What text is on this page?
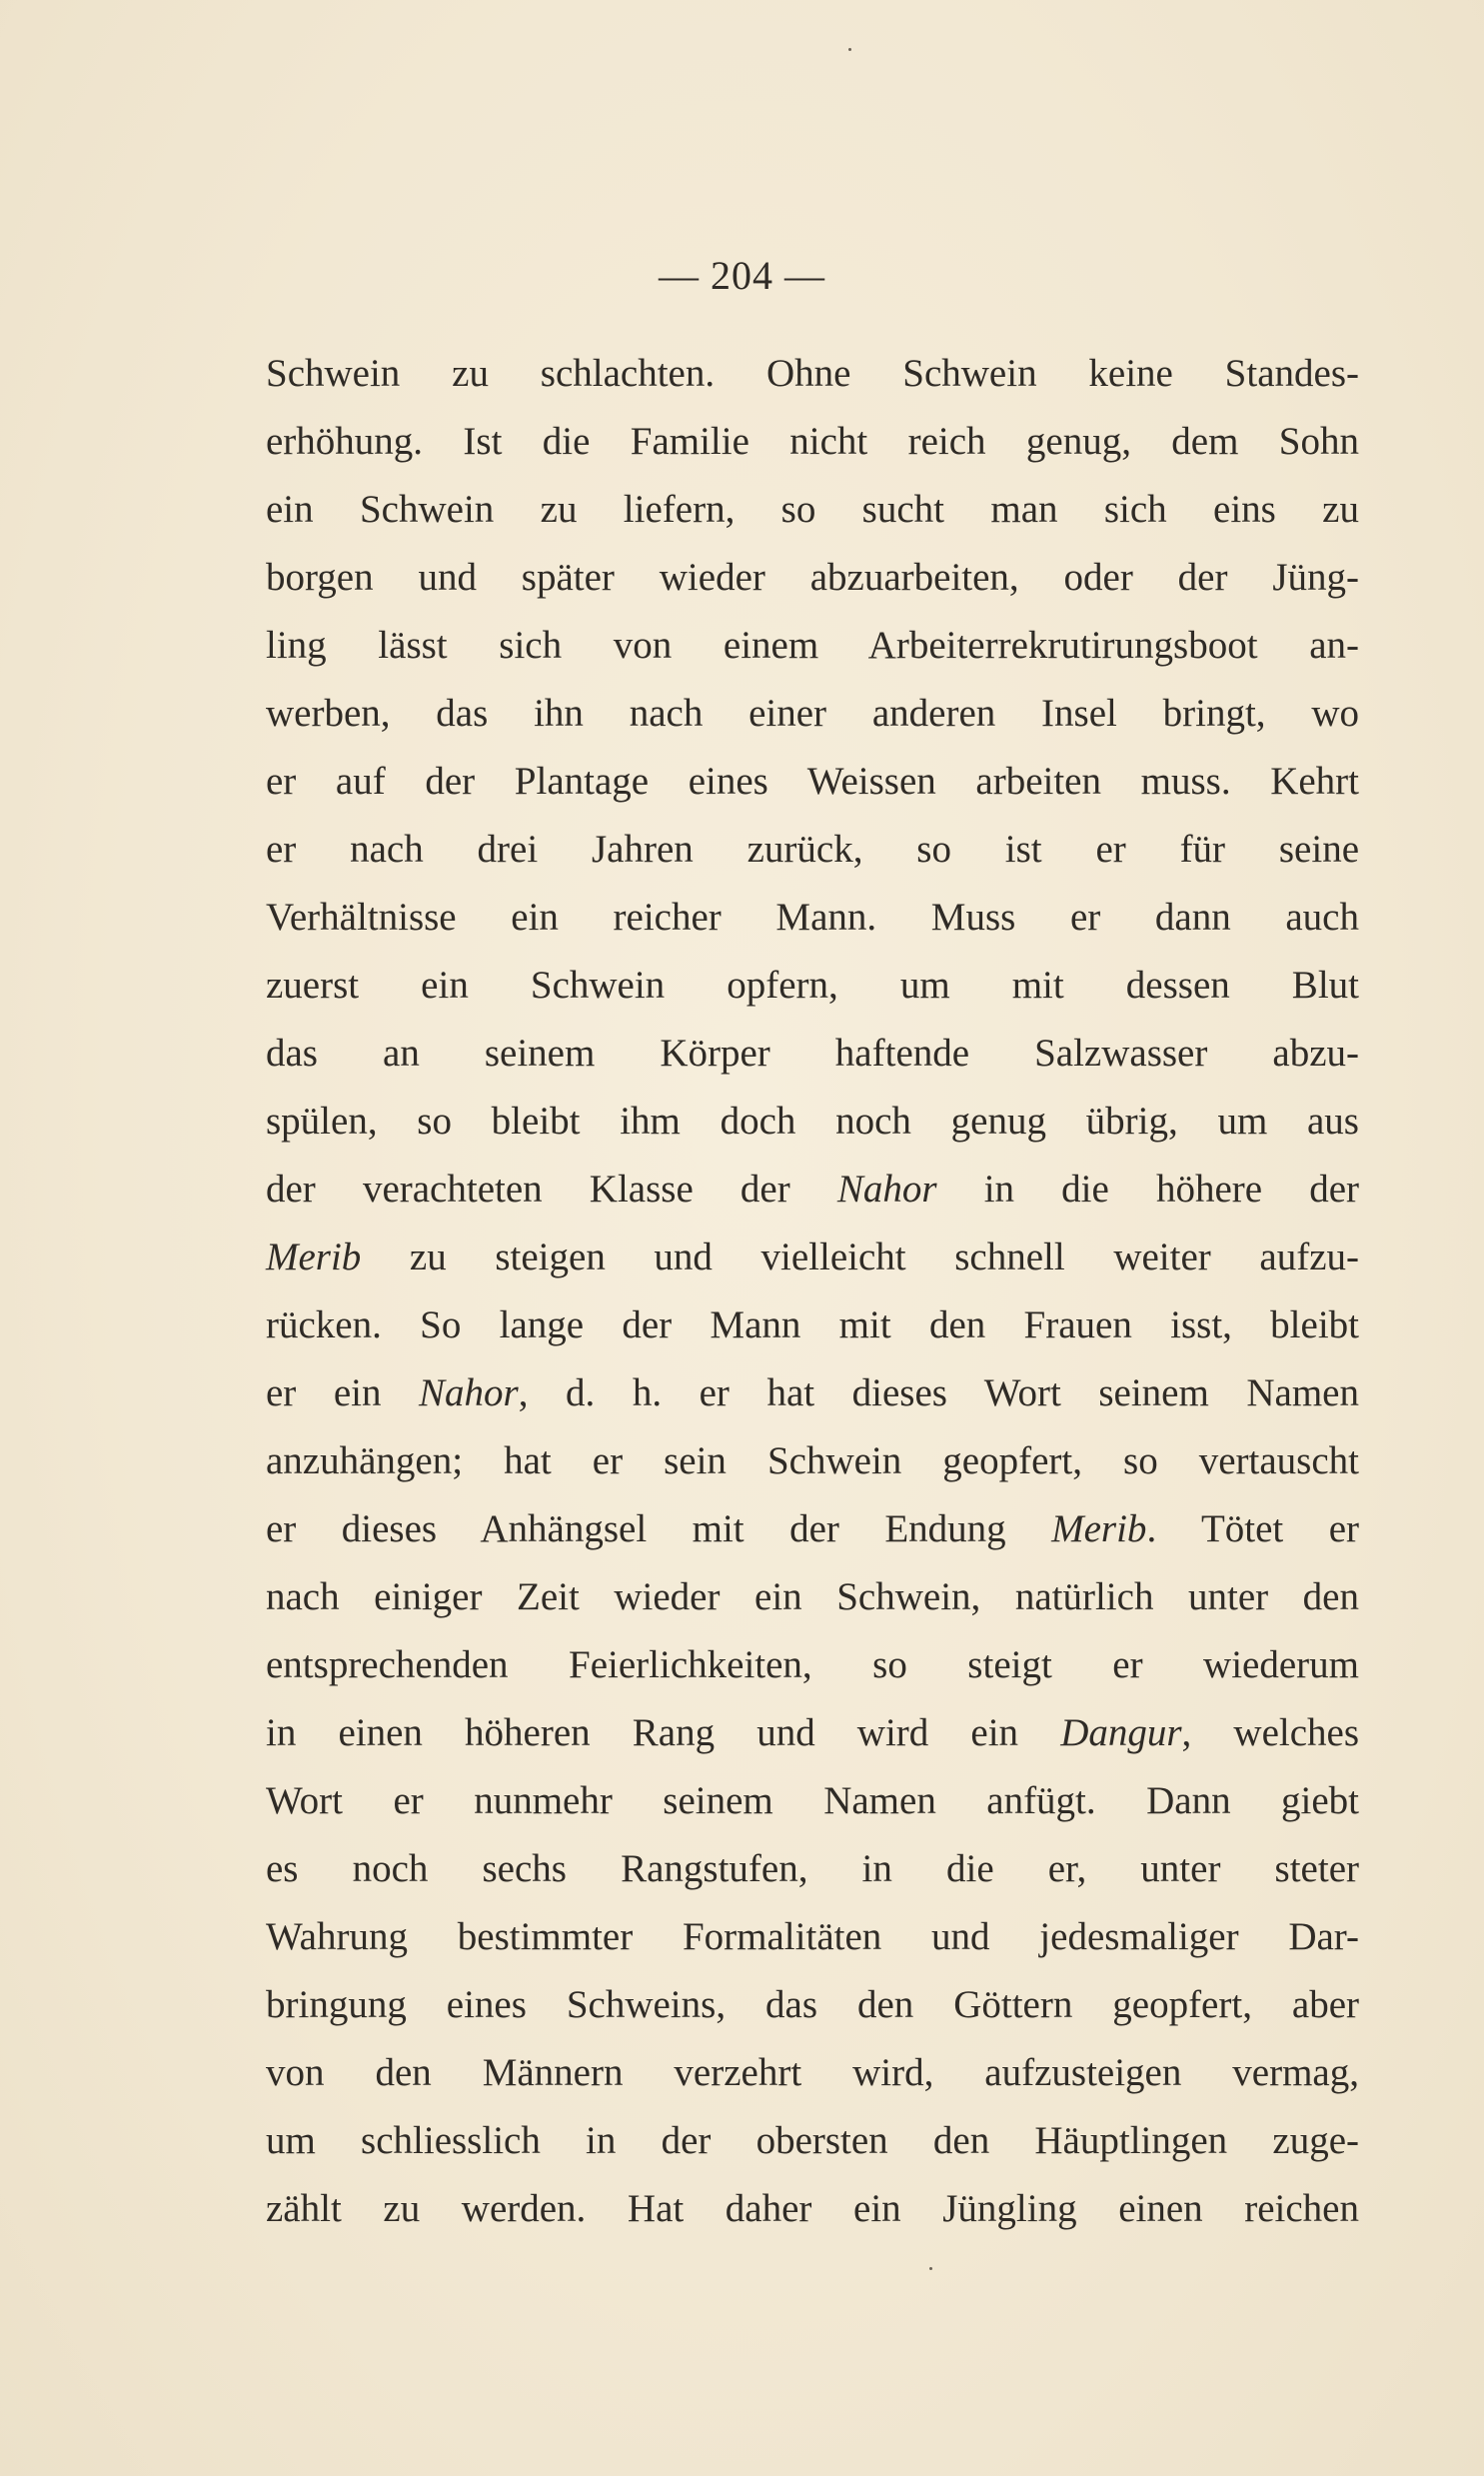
— 204 —
Schwein zu schlachten. Ohne Schwein keine Standes-
erhöhung. Ist die Familie nicht reich genug, dem Sohn
ein Schwein zu liefern, so sucht man sich eins zu
borgen und später wieder abzuarbeiten, oder der Jüng-
ling lässt sich von einem Arbeiterrekrutirungsboot an-
werben, das ihn nach einer anderen Insel bringt, wo
er auf der Plantage eines Weissen arbeiten muss. Kehrt
er nach drei Jahren zurück, so ist er für seine
Verhältnisse ein reicher Mann. Muss er dann auch
zuerst ein Schwein opfern, um mit dessen Blut
das an seinem Körper haftende Salzwasser abzu-
spülen, so bleibt ihm doch noch genug übrig, um aus
der verachteten Klasse der Nahor in die höhere der
Merib zu steigen und vielleicht schnell weiter aufzu-
rücken. So lange der Mann mit den Frauen isst, bleibt
er ein Nahor, d. h. er hat dieses Wort seinem Namen
anzuhängen; hat er sein Schwein geopfert, so vertauscht
er dieses Anhängsel mit der Endung Merib. Tötet er
nach einiger Zeit wieder ein Schwein, natürlich unter den
entsprechenden Feierlichkeiten, so steigt er wiederum
in einen höheren Rang und wird ein Dangur, welches
Wort er nunmehr seinem Namen anfügt. Dann giebt
es noch sechs Rangstufen, in die er, unter steter
Wahrung bestimmter Formalitäten und jedesmaliger Dar-
bringung eines Schweins, das den Göttern geopfert, aber
von den Männern verzehrt wird, aufzusteigen vermag,
um schliesslich in der obersten den Häuptlingen zuge-
zählt zu werden. Hat daher ein Jüngling einen reichen
